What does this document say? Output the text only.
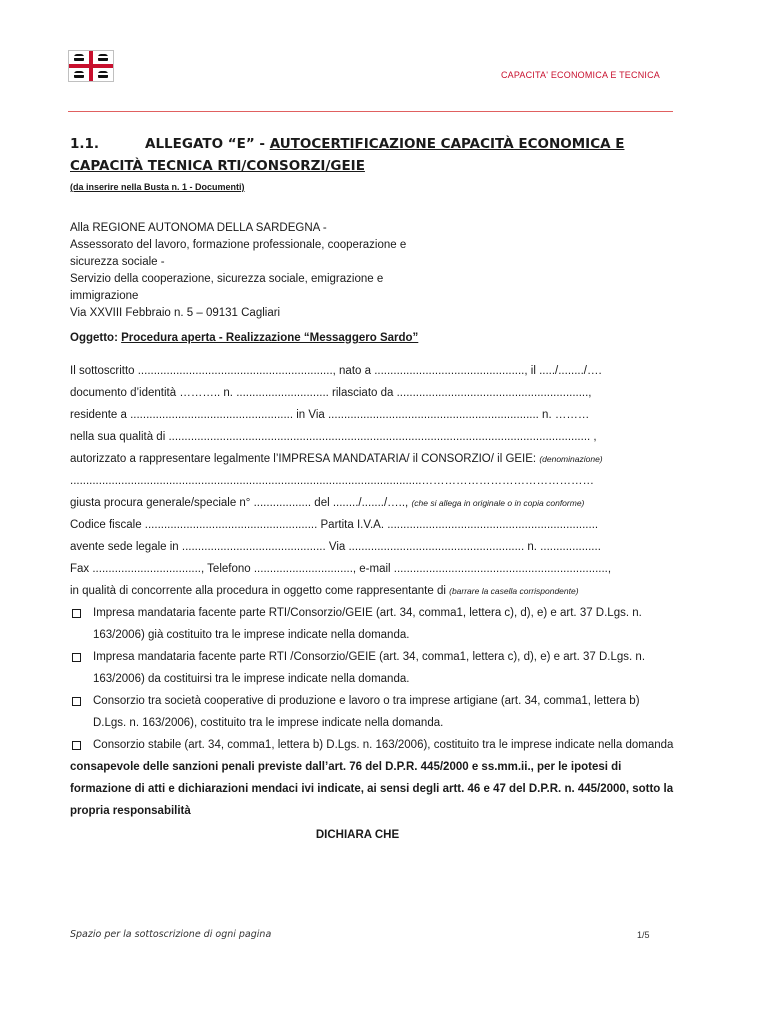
CAPACITA' ECONOMICA E TECNICA
1.1.	ALLEGATO “E” - AUTOCERTIFICAZIONE CAPACITÀ ECONOMICA E CAPACITÀ TECNICA RTI/CONSORZI/GEIE
(da inserire nella Busta n. 1 - Documenti)
Alla REGIONE AUTONOMA DELLA SARDEGNA -
Assessorato del lavoro, formazione professionale, cooperazione e
sicurezza sociale -
Servizio della cooperazione, sicurezza sociale, emigrazione e
immigrazione
Via XXVIII Febbraio n. 5 – 09131 Cagliari
Oggetto: Procedura aperta - Realizzazione “Messaggero Sardo”
Il sottoscritto ............................................................., nato a ..............................................., il ...../......../….
documento d’identità ……….. n. ............................. rilasciato da ............................................................,
residente a ................................................... in Via .................................................................. n. ………
nella sua qualità di .................................................................................................................................... ,
autorizzato a rappresentare legalmente l’IMPRESA MANDATARIA/ il CONSORZIO/ il GEIE: (denominazione)
..............................................................................................................………………………………………
giusta procura generale/speciale n° .................. del ......../......./….., (che si allega in originale o in copia conforme)
Codice fiscale ...................................................... Partita I.V.A. ..................................................................
avente sede legale in ............................................. Via ....................................................... n. ...................
Fax .................................., Telefono ..............................., e-mail ...................................................................,
in qualità di concorrente alla procedura in oggetto come rappresentante di (barrare la casella corrispondente)
Impresa mandataria facente parte RTI/Consorzio/GEIE (art. 34, comma1, lettera c), d), e) e art. 37 D.Lgs. n. 163/2006) già costituito tra le imprese indicate nella domanda.
Impresa mandataria facente parte RTI /Consorzio/GEIE (art. 34, comma1, lettera c), d), e) e art. 37 D.Lgs. n. 163/2006) da costituirsi tra le imprese indicate nella domanda.
Consorzio tra società cooperative di produzione e lavoro o tra imprese artigiane (art. 34, comma1, lettera b) D.Lgs. n. 163/2006), costituito tra le imprese indicate nella domanda.
Consorzio stabile (art. 34, comma1, lettera b) D.Lgs. n. 163/2006), costituito tra le imprese indicate nella domanda
consapevole delle sanzioni penali previste dall’art. 76 del D.P.R. 445/2000 e ss.mm.ii., per le ipotesi di formazione di atti e dichiarazioni mendaci ivi indicate, ai sensi degli artt. 46 e 47 del D.P.R. n. 445/2000, sotto la propria responsabilità
DICHIARA CHE
Spazio per la sottoscrizione di ogni pagina	1/5
